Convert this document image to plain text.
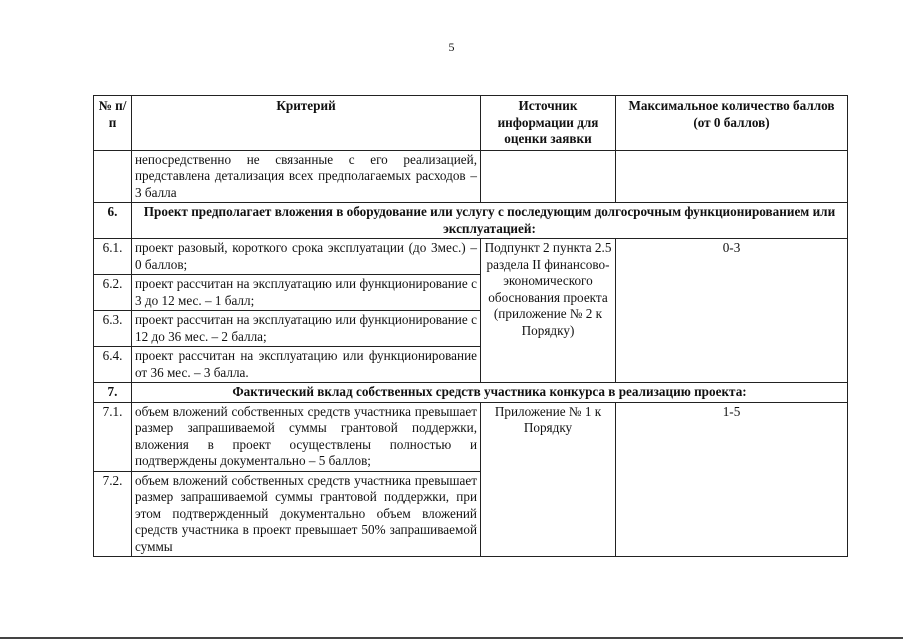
5
№ п/п	Критерий	Источник информации для оценки заявки	Максимальное количество баллов (от 0 баллов)
	непосредственно не связанные с его реализацией, представлена детализация всех предполагаемых расходов – 3 балла		
6.	Проект предполагает вложения в оборудование или услугу с последующим долгосрочным функционированием или эксплуатацией:		
6.1.	проект разовый, короткого срока эксплуатации (до 3мес.) – 0 баллов;	Подпункт 2 пункта 2.5 раздела II финансово-экономического обоснования проекта (приложение № 2 к Порядку)	0-3
6.2.	проект рассчитан на эксплуатацию или функционирование с 3 до 12 мес. – 1 балл;		
6.3.	проект рассчитан на эксплуатацию или функционирование с 12 до 36 мес. – 2 балла;		
6.4.	проект рассчитан на эксплуатацию или функционирование от 36 мес. – 3 балла.		
7.	Фактический вклад собственных средств участника конкурса в реализацию проекта:		
7.1.	объем вложений собственных средств участника превышает размер запрашиваемой суммы грантовой поддержки, вложения в проект осуществлены полностью и подтверждены документально – 5 баллов;	Приложение № 1 к Порядку	1-5
7.2.	объем вложений собственных средств участника превышает размер запрашиваемой суммы грантовой поддержки, при этом подтвержденный документально объем вложений средств участника в проект превышает 50% запрашиваемой суммы		
